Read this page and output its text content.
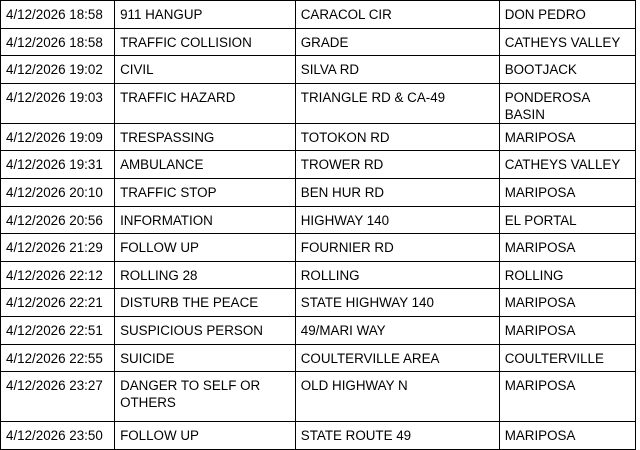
4/12/2026 18:58	911 HANGUP	CARACOL CIR	DON PEDRO

4/12/2026 18:58	TRAFFIC COLLISION	GRADE	CATHEYS VALLEY

4/12/2026 19:02	CIVIL	SILVA RD	BOOTJACK

4/12/2026 19:03	TRAFFIC HAZARD	TRIANGLE RD & CA-49	PONDEROSA BASIN

4/12/2026 19:09	TRESPASSING	TOTOKON RD	MARIPOSA

4/12/2026 19:31	AMBULANCE	TROWER RD	CATHEYS VALLEY

4/12/2026 20:10	TRAFFIC STOP	BEN HUR RD	MARIPOSA

4/12/2026 20:56	INFORMATION	HIGHWAY 140	EL PORTAL

4/12/2026 21:29	FOLLOW UP	FOURNIER RD	MARIPOSA

4/12/2026 22:12	ROLLING 28	ROLLING	ROLLING

4/12/2026 22:21	DISTURB THE PEACE	STATE HIGHWAY 140	MARIPOSA

4/12/2026 22:51	SUSPICIOUS PERSON	49/MARI WAY	MARIPOSA

4/12/2026 22:55	SUICIDE	COULTERVILLE AREA	COULTERVILLE

4/12/2026 23:27	DANGER TO SELF OR OTHERS	OLD HIGHWAY N	MARIPOSA

4/12/2026 23:50	FOLLOW UP	STATE ROUTE 49	MARIPOSA
